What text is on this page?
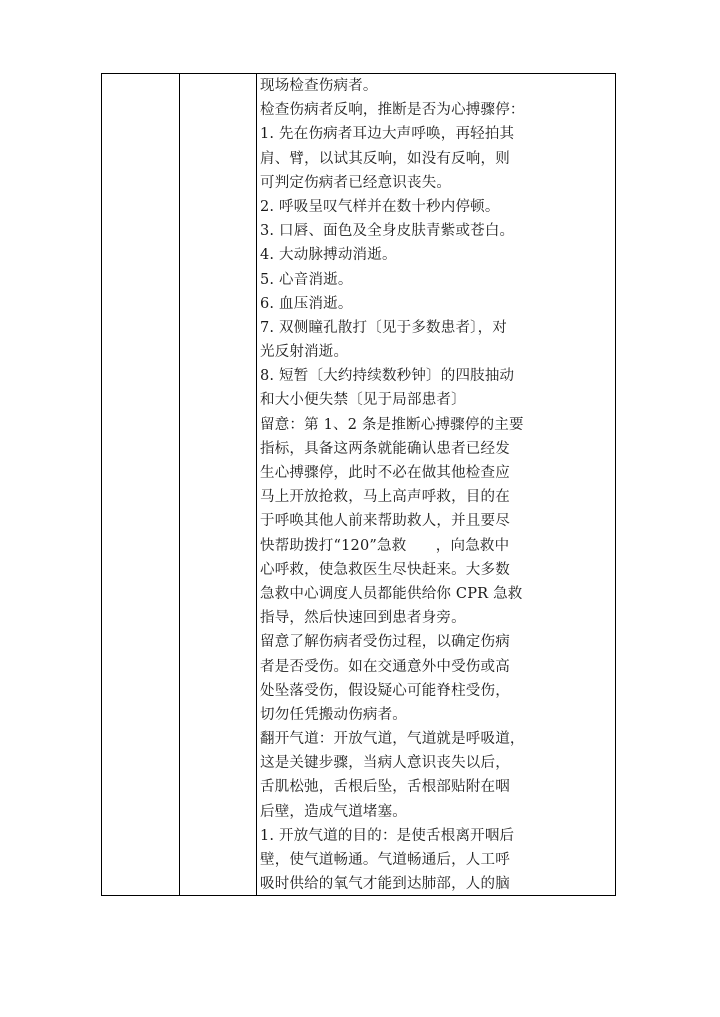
现场检查伤病者。
检查伤病者反响，推断是否为心搏骤停：
1. 先在伤病者耳边大声呼唤，再轻拍其
肩、臂，以试其反响，如没有反响，则
可判定伤病者已经意识丧失。
2. 呼吸呈叹气样并在数十秒内停顿。
3. 口唇、面色及全身皮肤青紫或苍白。
4. 大动脉搏动消逝。
5. 心音消逝。
6. 血压消逝。
7. 双侧瞳孔散打〔见于多数患者〕，对
光反射消逝。
8. 短暂〔大约持续数秒钟〕的四肢抽动
和大小便失禁〔见于局部患者〕
留意：第 1、2 条是推断心搏骤停的主要
指标，具备这两条就能确认患者已经发
生心搏骤停，此时不必在做其他检查应
马上开放抢救，马上高声呼救，目的在
于呼唤其他人前来帮助救人，并且要尽
快帮助拨打“120”急救　　，向急救中
心呼救，使急救医生尽快赶来。大多数
急救中心调度人员都能供给你 CPR 急救
指导，然后快速回到患者身旁。
留意了解伤病者受伤过程，以确定伤病
者是否受伤。如在交通意外中受伤或高
处坠落受伤，假设疑心可能脊柱受伤，
切勿任凭搬动伤病者。
翻开气道：开放气道，气道就是呼吸道，
这是关键步骤，当病人意识丧失以后，
舌肌松弛，舌根后坠，舌根部贴附在咽
后壁，造成气道堵塞。
1. 开放气道的目的：是使舌根离开咽后
壁，使气道畅通。气道畅通后，人工呼
吸时供给的氧气才能到达肺部，人的脑
